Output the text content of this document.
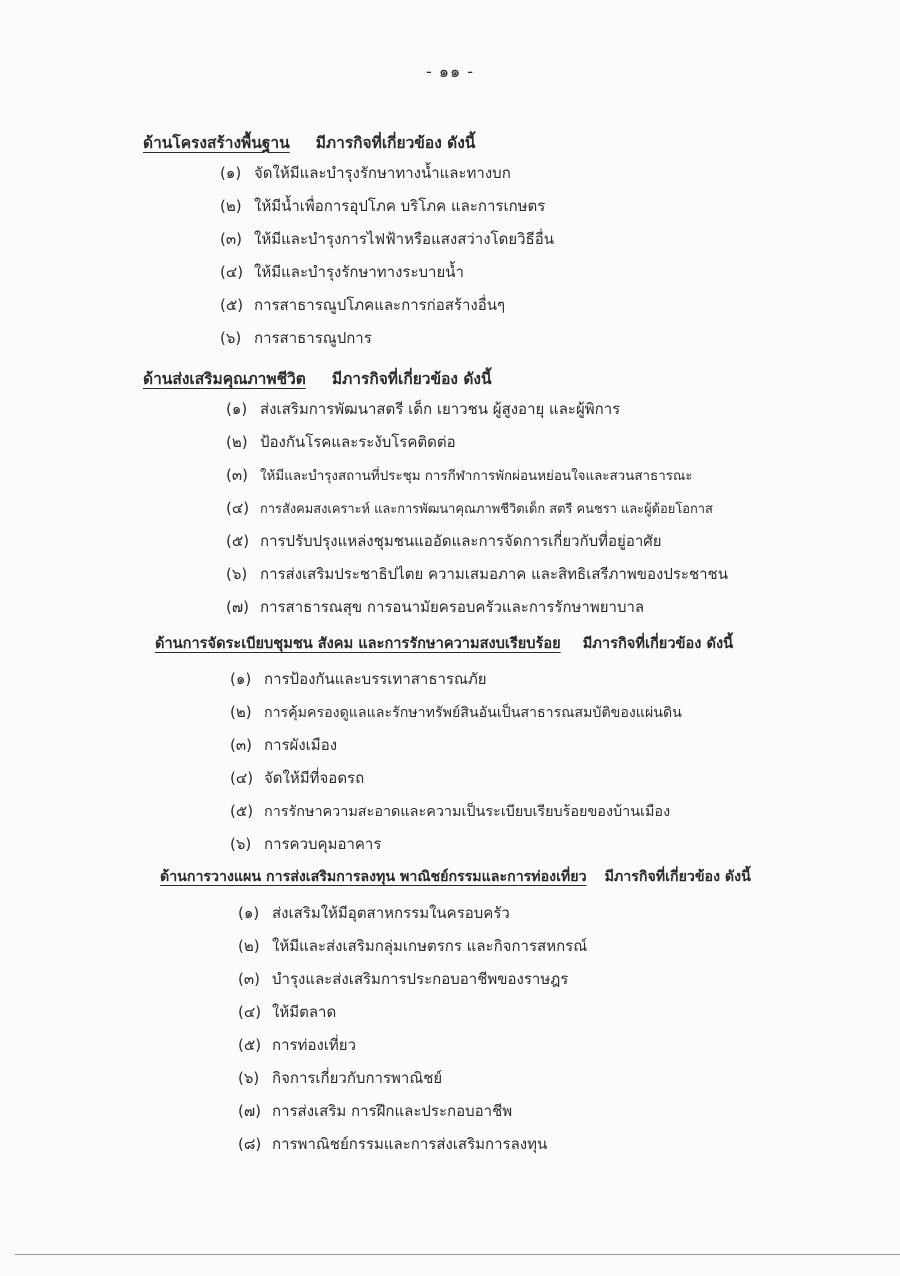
- ๑๑ -
ด้านโครงสร้างพื้นฐาน มีภารกิจที่เกี่ยวข้อง ดังนี้
(๑) จัดให้มีและบำรุงรักษาทางน้ำและทางบก
(๒) ให้มีน้ำเพื่อการอุปโภค บริโภค และการเกษตร
(๓) ให้มีและบำรุงการไฟฟ้าหรือแสงสว่างโดยวิธีอื่น
(๔) ให้มีและบำรุงรักษาทางระบายน้ำ
(๕) การสาธารณูปโภคและการก่อสร้างอื่นๆ
(๖) การสาธารณูปการ
ด้านส่งเสริมคุณภาพชีวิต มีภารกิจที่เกี่ยวข้อง ดังนี้
(๑) ส่งเสริมการพัฒนาสตรี เด็ก เยาวชน ผู้สูงอายุ และผู้พิการ
(๒) ป้องกันโรคและระงับโรคติดต่อ
(๓) ให้มีและบำรุงสถานที่ประชุม การกีฬาการพักผ่อนหย่อนใจและสวนสาธารณะ
(๔) การสังคมสงเคราะห์ และการพัฒนาคุณภาพชีวิตเด็ก สตรี คนชรา และผู้ด้อยโอกาส
(๕) การปรับปรุงแหล่งชุมชนแออัดและการจัดการเกี่ยวกับที่อยู่อาศัย
(๖) การส่งเสริมประชาธิปไตย ความเสมอภาค และสิทธิเสรีภาพของประชาชน
(๗) การสาธารณสุข การอนามัยครอบครัวและการรักษาพยาบาล
ด้านการจัดระเบียบชุมชน สังคม และการรักษาความสงบเรียบร้อย มีภารกิจที่เกี่ยวข้อง ดังนี้
(๑) การป้องกันและบรรเทาสาธารณภัย
(๒) การคุ้มครองดูแลและรักษาทรัพย์สินอันเป็นสาธารณสมบัติของแผ่นดิน
(๓) การผังเมือง
(๔) จัดให้มีที่จอดรถ
(๕) การรักษาความสะอาดและความเป็นระเบียบเรียบร้อยของบ้านเมือง
(๖) การควบคุมอาคาร
ด้านการวางแผน การส่งเสริมการลงทุน พาณิชย์กรรมและการท่องเที่ยว มีภารกิจที่เกี่ยวข้อง ดังนี้
(๑) ส่งเสริมให้มีอุตสาหกรรมในครอบครัว
(๒) ให้มีและส่งเสริมกลุ่มเกษตรกร และกิจการสหกรณ์
(๓) บำรุงและส่งเสริมการประกอบอาชีพของราษฎร
(๔) ให้มีตลาด
(๕) การท่องเที่ยว
(๖) กิจการเกี่ยวกับการพาณิชย์
(๗) การส่งเสริม การฝึกและประกอบอาชีพ
(๘) การพาณิชย์กรรมและการส่งเสริมการลงทุน
